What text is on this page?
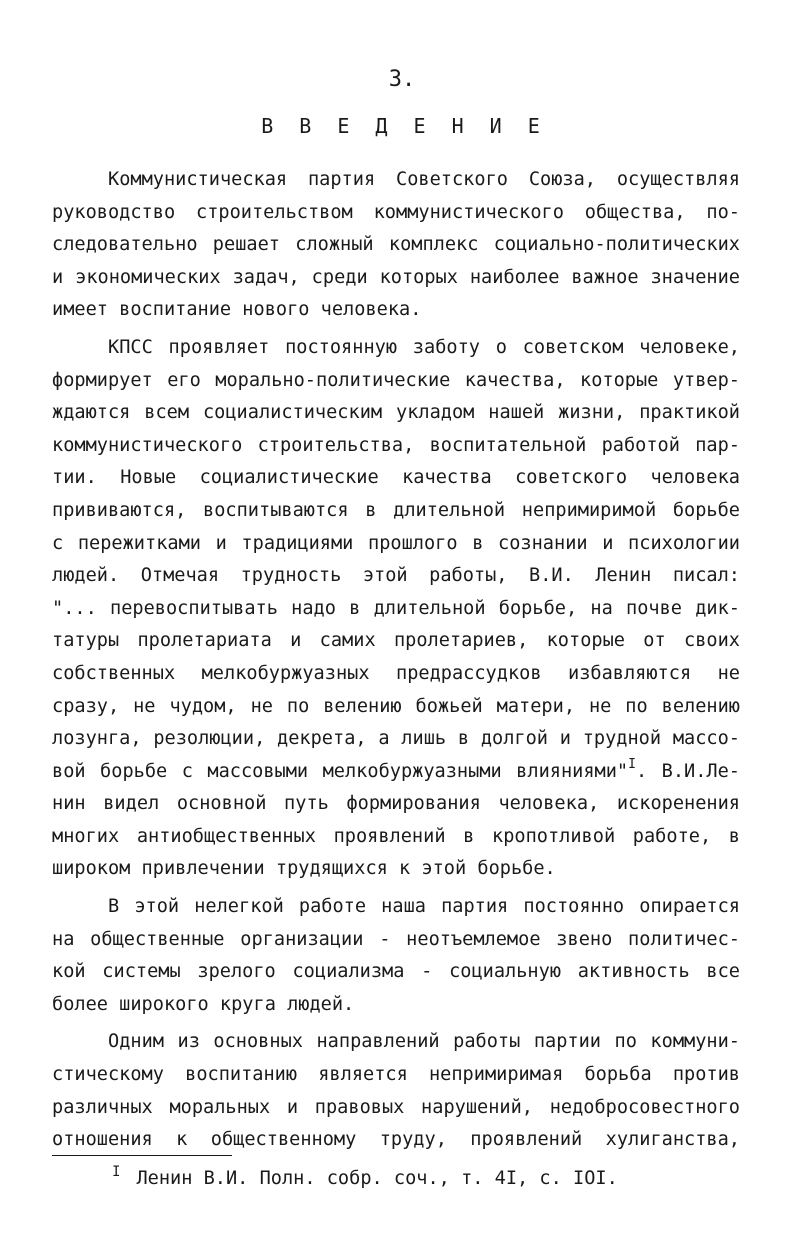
3.
В В Е Д Е Н И Е
Коммунистическая партия Советского Союза, осуществляя
руководство строительством коммунистического общества, по-
следовательно решает сложный комплекс социально-политических
и экономических задач, среди которых наиболее важное значение
имеет воспитание нового человека.
КПСС проявляет постоянную заботу о советском человеке,
формирует его морально-политические качества, которые утвер-
ждаются всем социалистическим укладом нашей жизни, практикой
коммунистического строительства, воспитательной работой пар-
тии. Новые социалистические качества советского человека
прививаются, воспитываются в длительной непримиримой борьбе
с пережитками и традициями прошлого в сознании и психологии
людей. Отмечая трудность этой работы, В.И. Ленин писал:
"... перевоспитывать надо в длительной борьбе, на почве дик-
татуры пролетариата и самих пролетариев, которые от своих
собственных мелкобуржуазных предрассудков избавляются не
сразу, не чудом, не по велению божьей матери, не по велению
лозунга, резолюции, декрета, а лишь в долгой и трудной массо-
вой борьбе с массовыми мелкобуржуазными влияниями"$^I$. В.И.Ле-
нин видел основной путь формирования человека, искоренения
многих антиобщественных проявлений в кропотливой работе, в
широком привлечении трудящихся к этой борьбе.
В этой нелегкой работе наша партия постоянно опирается
на общественные организации - неотъемлемое звено политичес-
кой системы зрелого социализма - социальную активность все
более широкого круга людей.
Одним из основных направлений работы партии по коммуни-
стическому воспитанию является непримиримая борьба против
различных моральных и правовых нарушений, недобросовестного
отношения к общественному труду, проявлений хулиганства,
$^I$ Ленин В.И. Полн. собр. соч., т. 4I, с. IOI.
